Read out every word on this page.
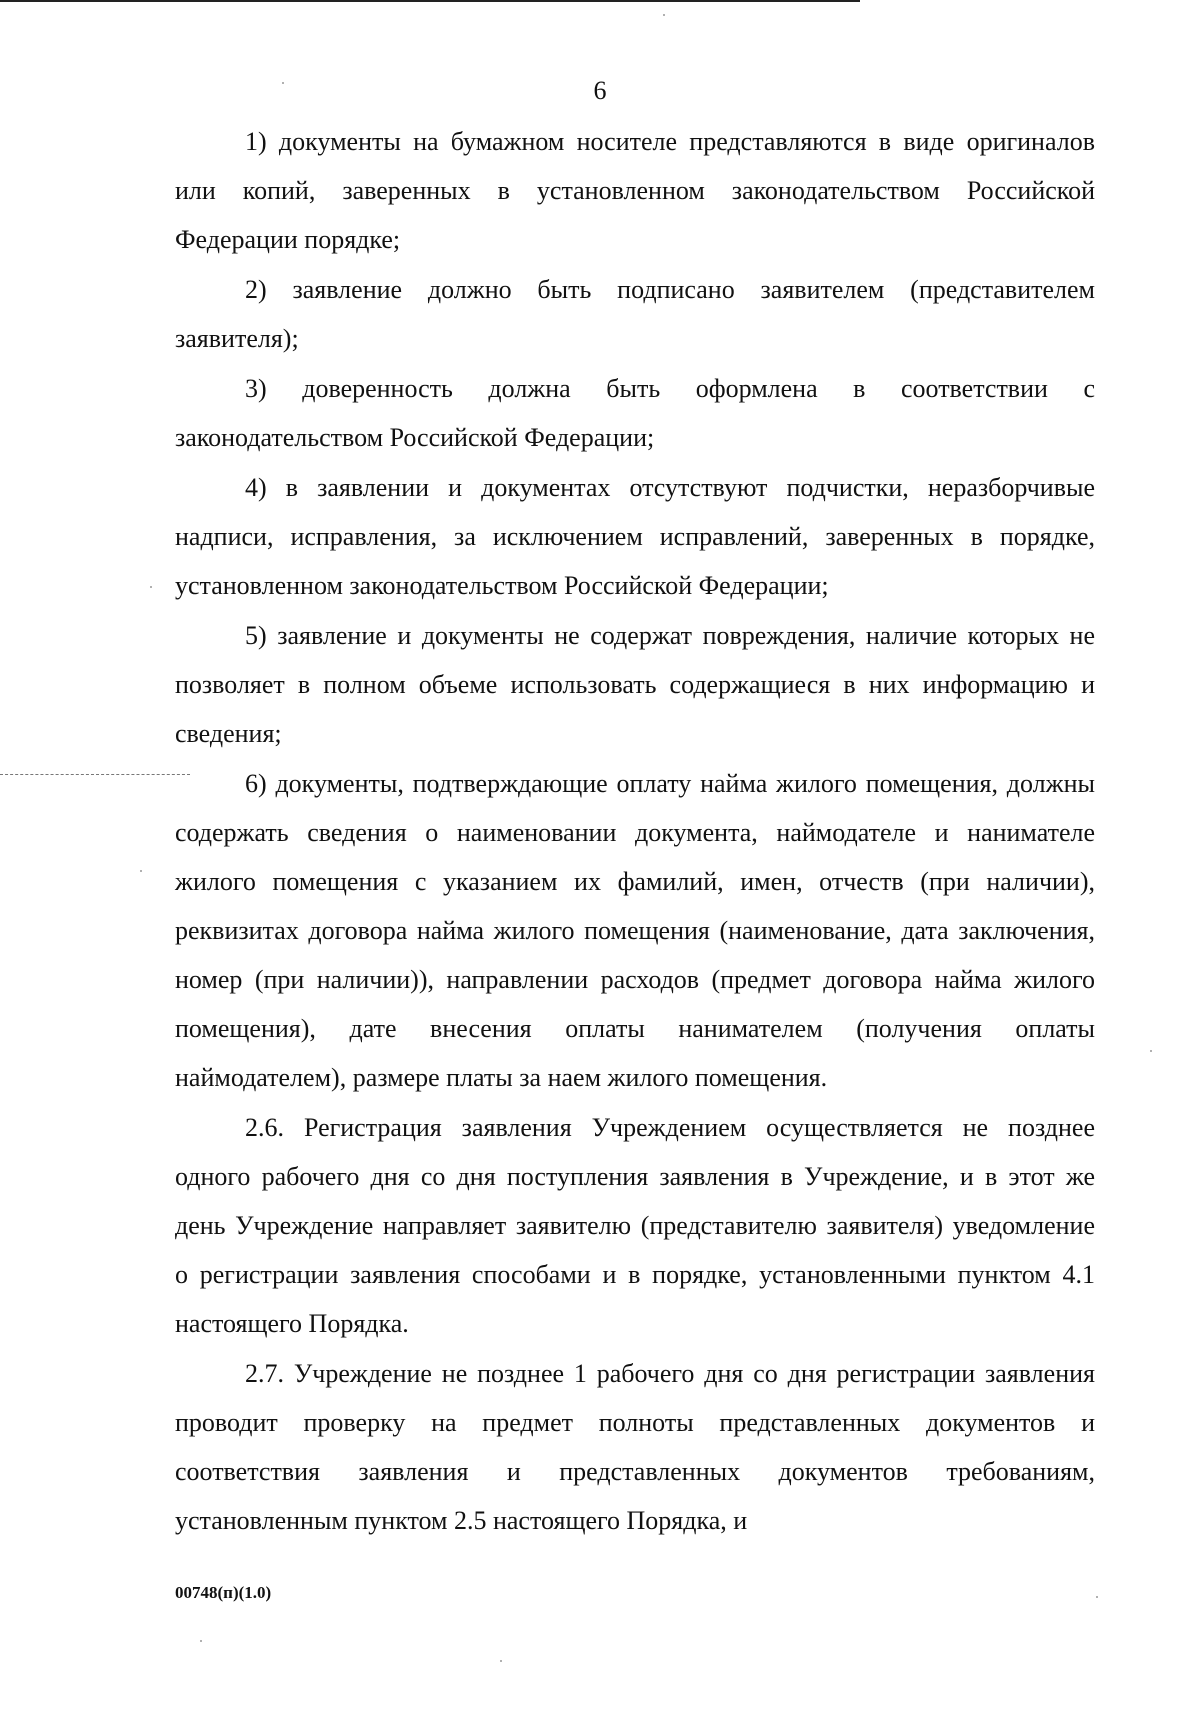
6

1) документы на бумажном носителе представляются в виде оригиналов или копий, заверенных в установленном законодательством Российской Федерации порядке;

2) заявление должно быть подписано заявителем (представителем заявителя);

3) доверенность должна быть оформлена в соответствии с законодательством Российской Федерации;

4) в заявлении и документах отсутствуют подчистки, неразборчивые надписи, исправления, за исключением исправлений, заверенных в порядке, установленном законодательством Российской Федерации;

5) заявление и документы не содержат повреждения, наличие которых не позволяет в полном объеме использовать содержащиеся в них информацию и сведения;

6) документы, подтверждающие оплату найма жилого помещения, должны содержать сведения о наименовании документа, наймодателе и нанимателе жилого помещения с указанием их фамилий, имен, отчеств (при наличии), реквизитах договора найма жилого помещения (наименование, дата заключения, номер (при наличии)), направлении расходов (предмет договора найма жилого помещения), дате внесения оплаты нанимателем (получения оплаты наймодателем), размере платы за наем жилого помещения.

2.6. Регистрация заявления Учреждением осуществляется не позднее одного рабочего дня со дня поступления заявления в Учреждение, и в этот же день Учреждение направляет заявителю (представителю заявителя) уведомление о регистрации заявления способами и в порядке, установленными пунктом 4.1 настоящего Порядка.

2.7. Учреждение не позднее 1 рабочего дня со дня регистрации заявления проводит проверку на предмет полноты представленных документов и соответствия заявления и представленных документов требованиям, установленным пунктом 2.5 настоящего Порядка, и

00748(п)(1.0)
